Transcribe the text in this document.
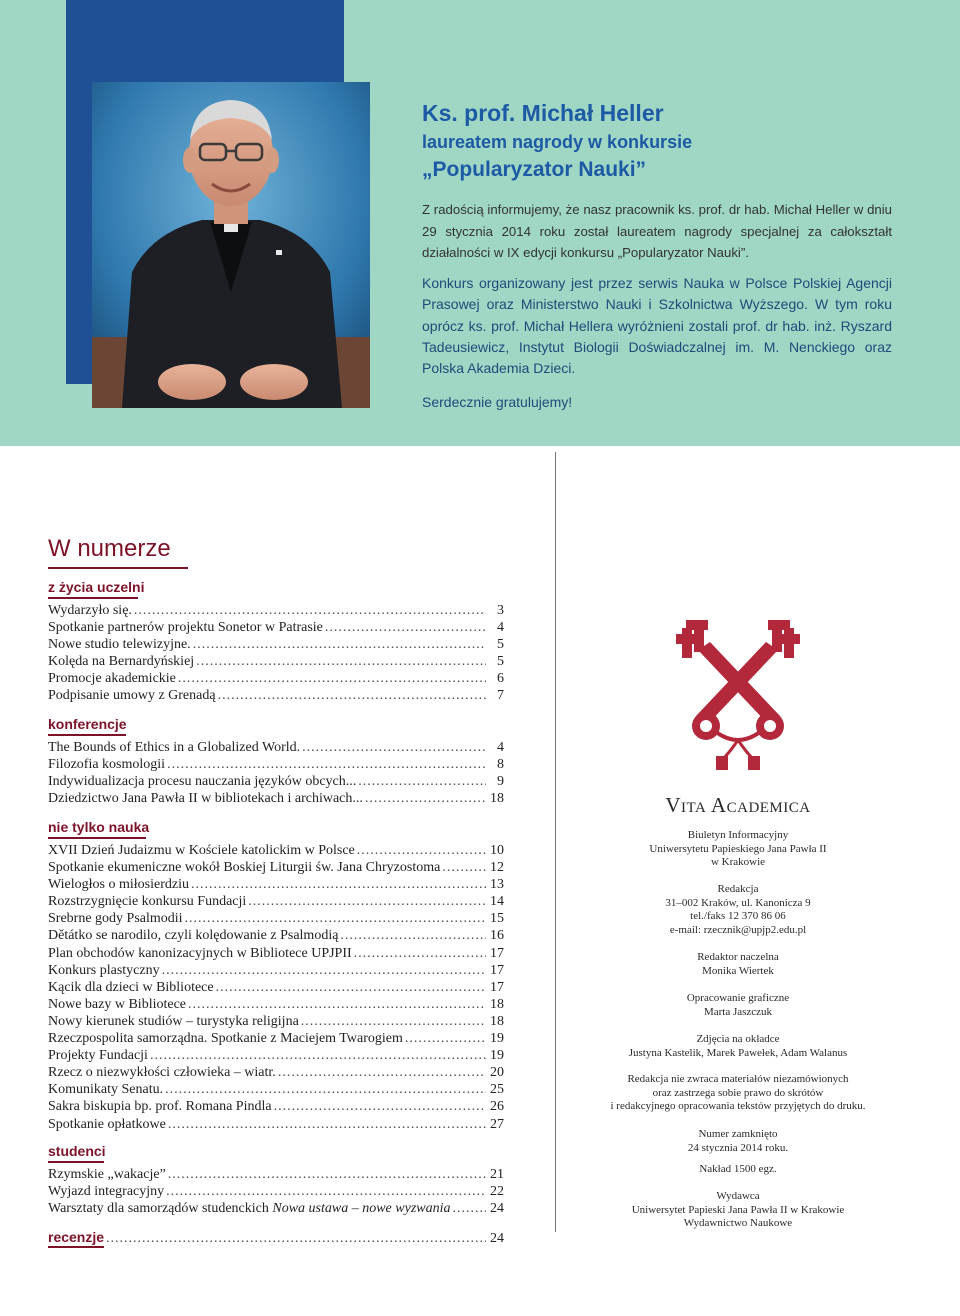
Ks. prof. Michał Heller

laureatem nagrody w konkursie

„Popularyzator Nauki”

Z radością informujemy, że nasz pracownik ks. prof. dr hab. Michał Heller w dniu 29 stycznia 2014 roku został laureatem nagrody specjalnej za całokształt działalności w IX edycji konkursu „Popularyzator Nauki”.

Konkurs organizowany jest przez serwis Nauka w Polsce Polskiej Agencji Prasowej oraz Ministerstwo Nauki i Szkolnictwa Wyższego. W tym roku oprócz ks. prof. Michał Hellera wyróżnieni zostali prof. dr hab. inż. Ryszard Tadeusiewicz, Instytut Biologii Doświadczalnej im. M. Nenckiego oraz Polska Akademia Dzieci.

Serdecznie gratulujemy!

W numerze

z życia uczelni

Wydarzyło się. .....	3
Spotkanie partnerów projektu Sonetor w Patrasie .....	4
Nowe studio telewizyjne. .....	5
Kolęda na Bernardyńskiej .....	5
Promocje akademickie .....	6
Podpisanie umowy z Grenadą .....	7

konferencje

The Bounds of Ethics in a Globalized World. .....	4
Filozofia kosmologii .....	8
Indywidualizacja procesu nauczania języków obcych... .....	9
Dziedzictwo Jana Pawła II w bibliotekach i archiwach... .....	18

nie tylko nauka

XVII Dzień Judaizmu w Kościele katolickim w Polsce .....	10
Spotkanie ekumeniczne wokół Boskiej Liturgii św. Jana Chryzostoma .....	12
Wielogłos o miłosierdziu .....	13
Rozstrzygnięcie konkursu Fundacji .....	14
Srebrne gody Psalmodii .....	15
Dětátko se narodilo, czyli kolędowanie z Psalmodią .....	16
Plan obchodów kanonizacyjnych w Bibliotece UPJPII .....	17
Konkurs plastyczny .....	17
Kącik dla dzieci w Bibliotece .....	17
Nowe bazy w Bibliotece .....	18
Nowy kierunek studiów – turystyka religijna .....	18
Rzeczpospolita samorządna. Spotkanie z Maciejem Twarogiem .....	19
Projekty Fundacji .....	19
Rzecz o niezwykłości człowieka – wiatr. .....	20
Komunikaty Senatu. .....	25
Sakra biskupia bp. prof. Romana Pindla .....	26
Spotkanie opłatkowe .....	27

studenci

Rzymskie „wakacje” .....	21
Wyjazd integracyjny .....	22
Warsztaty dla samorządów studenckich Nowa ustawa – nowe wyzwania .....	24
recenzje .....	24

Vita Academica

Biuletyn Informacyjny
Uniwersytetu Papieskiego Jana Pawła II
w Krakowie

Redakcja
31–002 Kraków, ul. Kanonicza 9
tel./faks 12 370 86 06
e-mail: rzecznik@upjp2.edu.pl

Redaktor naczelna
Monika Wiertek

Opracowanie graficzne
Marta Jaszczuk

Zdjęcia na okładce
Justyna Kastelik, Marek Pawełek, Adam Walanus

Redakcja nie zwraca materiałów niezamówionych
oraz zastrzega sobie prawo do skrótów
i redakcyjnego opracowania tekstów przyjętych do druku.

Numer zamknięto
24 stycznia 2014 roku.

Nakład 1500 egz.

Wydawca
Uniwersytet Papieski Jana Pawła II w Krakowie
Wydawnictwo Naukowe
